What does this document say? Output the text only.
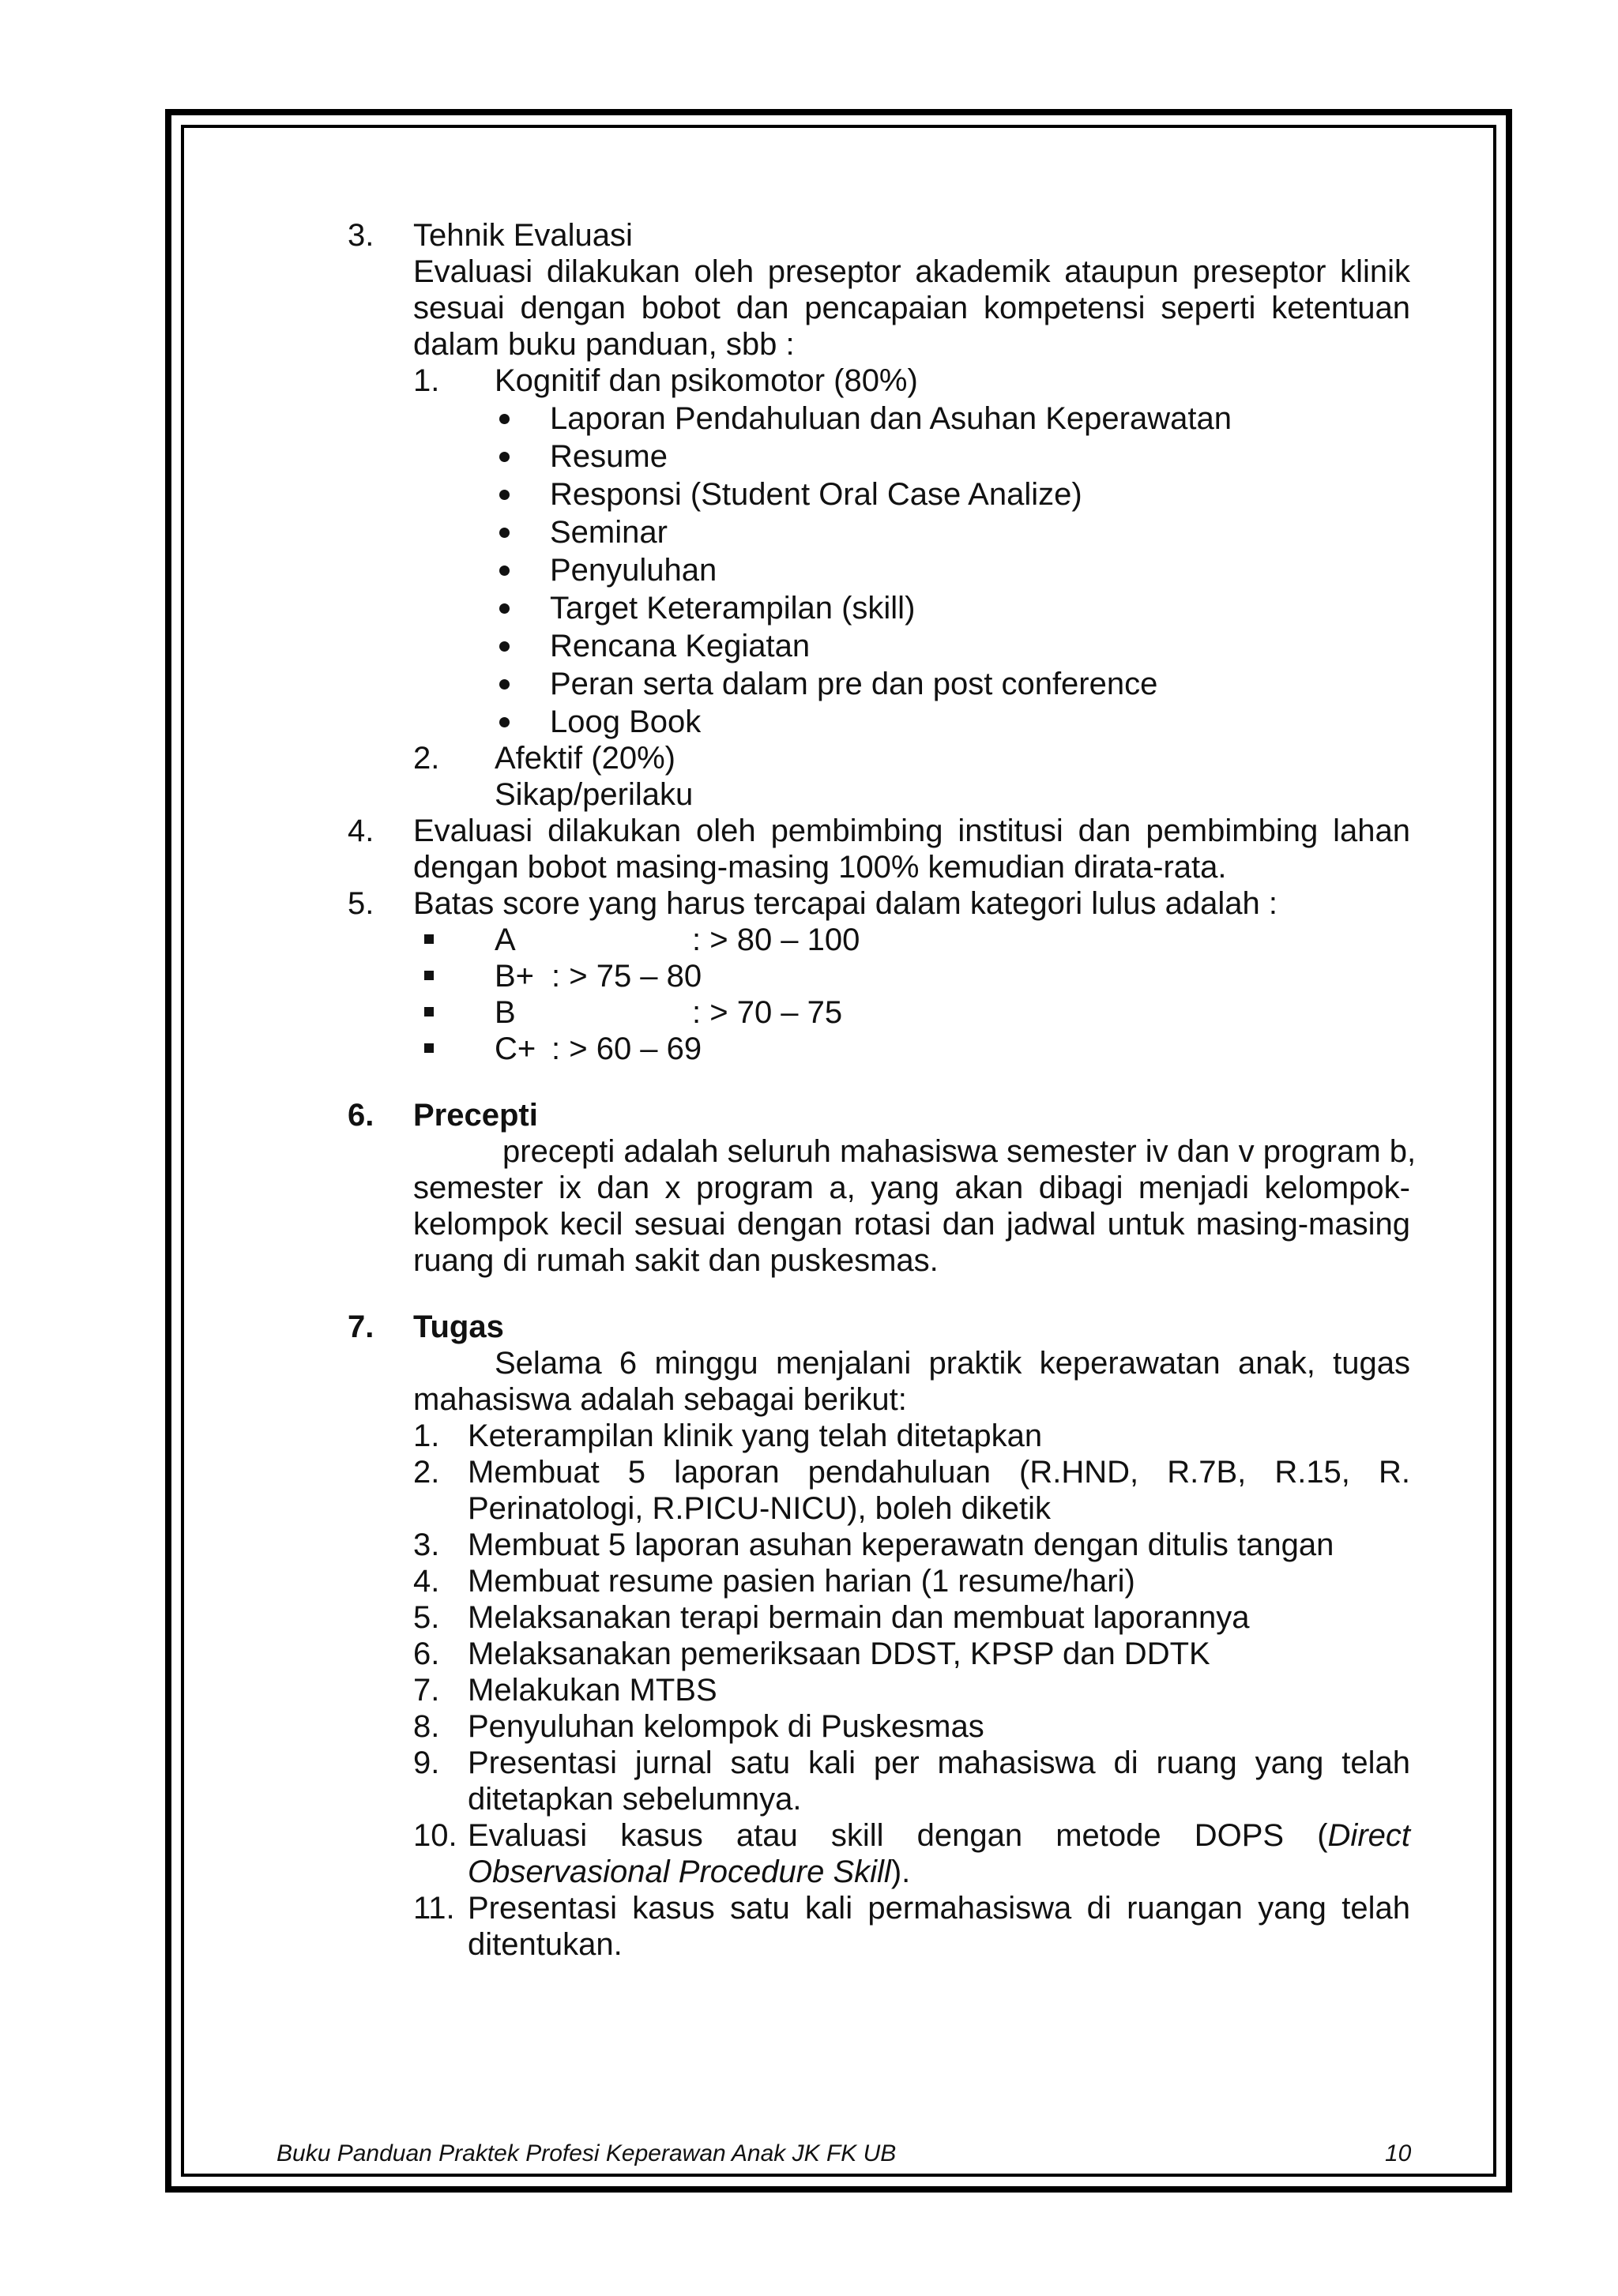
3. Tehnik Evaluasi
Evaluasi dilakukan oleh preseptor akademik ataupun preseptor klinik
sesuai dengan bobot dan pencapaian kompetensi seperti ketentuan
dalam buku panduan, sbb :
1. Kognitif dan psikomotor (80%)
Laporan Pendahuluan dan Asuhan Keperawatan
Resume
Responsi (Student Oral Case Analize)
Seminar
Penyuluhan
Target Keterampilan (skill)
Rencana Kegiatan
Peran serta dalam pre dan post conference
Loog Book
2. Afektif (20%)
Sikap/perilaku
4. Evaluasi dilakukan oleh pembimbing institusi dan pembimbing lahan
dengan bobot masing-masing 100% kemudian dirata-rata.
5. Batas score yang harus tercapai dalam kategori lulus adalah :
A	: > 80 – 100
B+ : > 75 – 80
B	: > 70 – 75
C+ : > 60 – 69
6. Precepti
precepti adalah seluruh mahasiswa semester iv dan v program b,
semester ix dan x program a, yang akan dibagi menjadi kelompok-
kelompok kecil sesuai dengan rotasi dan jadwal untuk masing-masing
ruang di rumah sakit dan puskesmas.
7. Tugas
Selama 6 minggu menjalani praktik keperawatan anak, tugas
mahasiswa adalah sebagai berikut:
1. Keterampilan klinik yang telah ditetapkan
2. Membuat 5 laporan pendahuluan (R.HND, R.7B, R.15, R.
Perinatologi, R.PICU-NICU), boleh diketik
3. Membuat 5 laporan asuhan keperawatn dengan ditulis tangan
4. Membuat resume pasien harian (1 resume/hari)
5. Melaksanakan terapi bermain dan membuat laporannya
6. Melaksanakan pemeriksaan DDST, KPSP dan DDTK
7. Melakukan MTBS
8. Penyuluhan kelompok di Puskesmas
9. Presentasi jurnal satu kali per mahasiswa di ruang yang telah
ditetapkan sebelumnya.
10. Evaluasi kasus atau skill dengan metode DOPS (Direct
Observasional Procedure Skill).
11. Presentasi kasus satu kali permahasiswa di ruangan yang telah
ditentukan.
Buku Panduan Praktek Profesi Keperawan Anak JK FK UB	10
